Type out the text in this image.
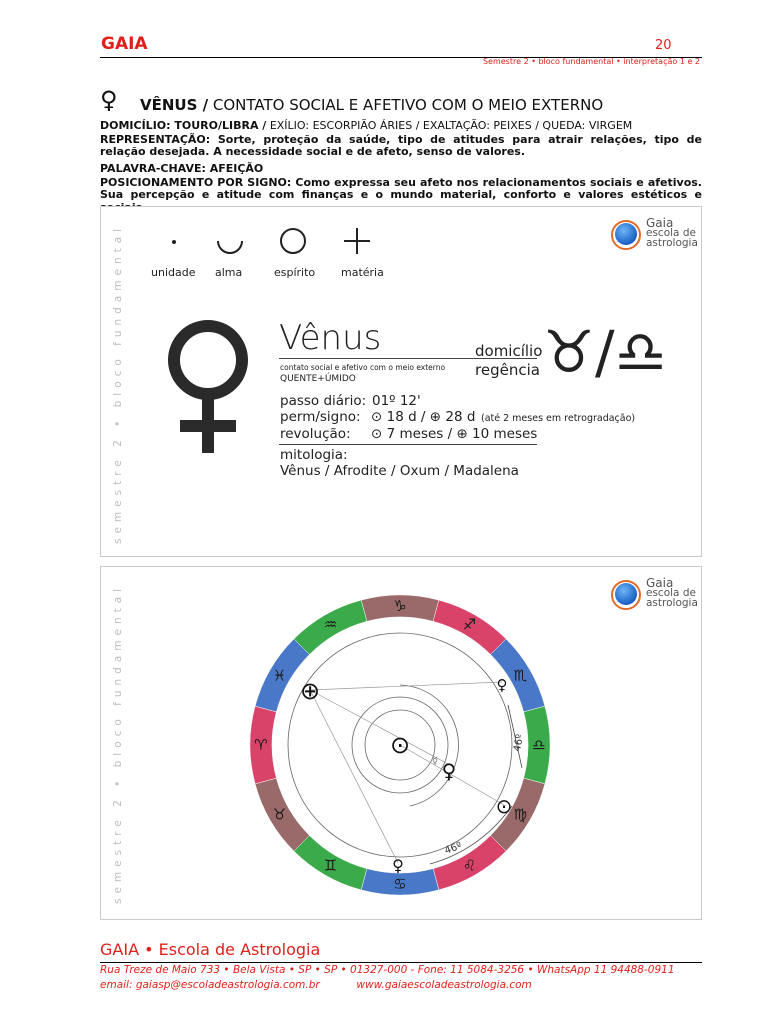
GAIA	20
Semestre 2 • bloco fundamental • interpretação 1 e 2
♀ VÊNUS / CONTATO SOCIAL E AFETIVO COM O MEIO EXTERNO
DOMICÍLIO: TOURO/LIBRA / EXÍLIO: ESCORPIÃO ÁRIES / EXALTAÇÃO: PEIXES / QUEDA: VIRGEM
REPRESENTAÇÃO: Sorte, proteção da saúde, tipo de atitudes para atrair relações, tipo de relação desejada. A necessidade social e de afeto, senso de valores.
PALAVRA-CHAVE: AFEIÇÃO
POSICIONAMENTO POR SIGNO: Como expressa seu afeto nos relacionamentos sociais e afetivos. Sua percepção e atitude com finanças e o mundo material, conforto e valores estéticos e
semestre 2 • bloco fundamental
Gaia
escola de
astrologia
unidade alma	espírito matéria
Vênus
contato social e afetivo com o meio externo
QUENTE+ÚMIDO
domicílio
regência ♉/♎
passo diário: 01º 12'
perm/signo: ⊙ 18 d / ⊕ 28 d (até 2 meses em retrogradação)
revolução: ⊙ 7 meses / ⊕ 10 meses
mitologia:
Vênus / Afrodite / Oxum / Madalena
semestre 2 • bloco fundamental
Gaia
escola de
astrologia
♑
♐
♏
♎
♍
♌
♋
♊
♉
♈
♓
♒
46º
46º
⊙
⊕
☿ ♀
♀
⊙
♀
GAIA • Escola de Astrologia
Rua Treze de Maio 733 • Bela Vista • SP • SP • 01327-000 - Fone: 11 5084-3256 • WhatsApp 11 94488-0911
email: gaiasp@escoladeastrologia.com.br	www.gaiaescoladeastrologia.com
